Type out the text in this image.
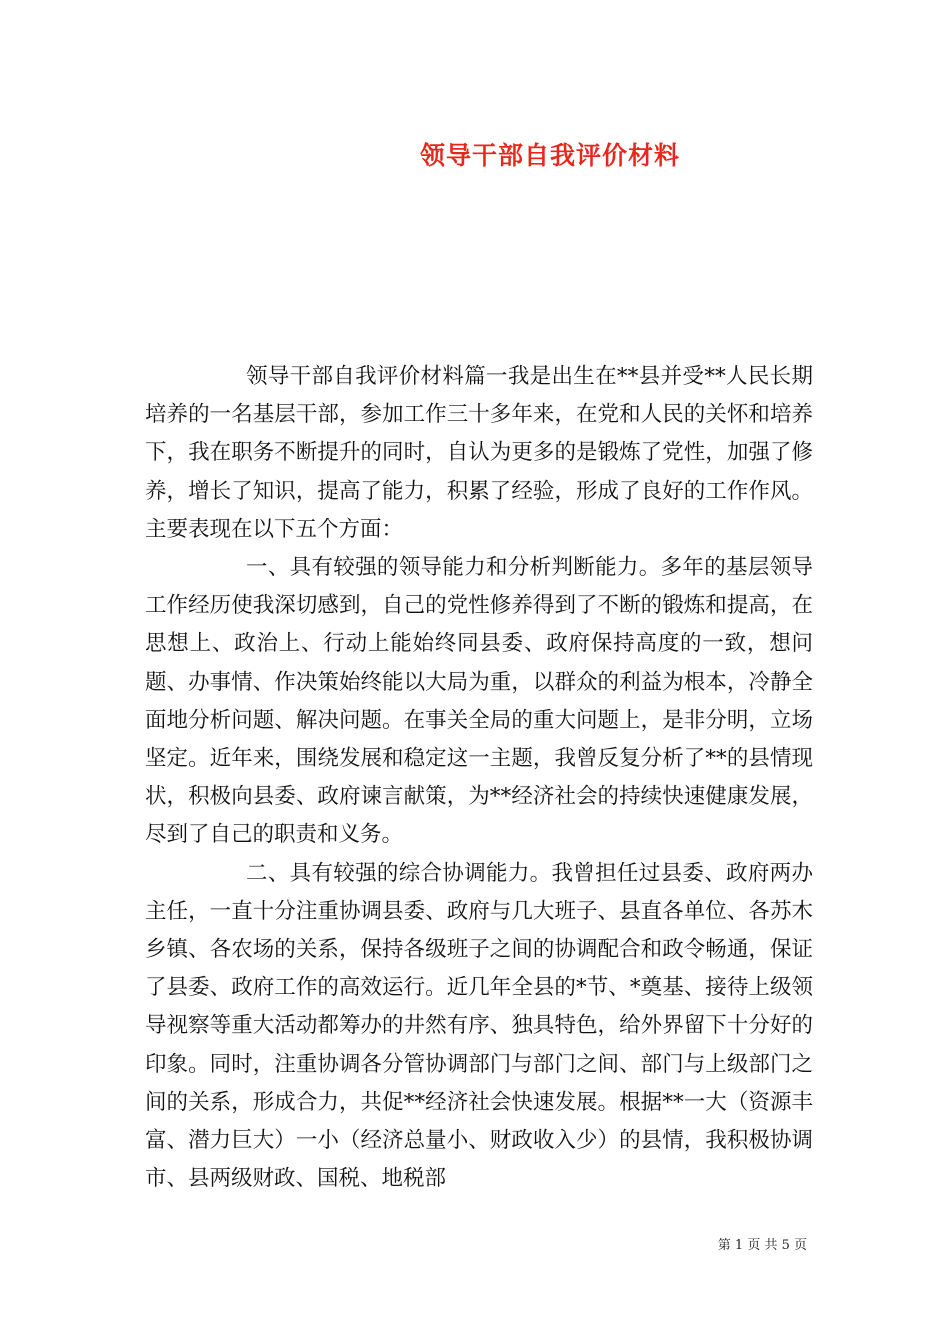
领导干部自我评价材料

领导干部自我评价材料篇一我是出生在**县并受**人民长期培养的一名基层干部，参加工作三十多年来，在党和人民的关怀和培养下，我在职务不断提升的同时，自认为更多的是锻炼了党性，加强了修养，增长了知识，提高了能力，积累了经验，形成了良好的工作作风。主要表现在以下五个方面：

一、具有较强的领导能力和分析判断能力。多年的基层领导工作经历使我深切感到，自己的党性修养得到了不断的锻炼和提高，在思想上、政治上、行动上能始终同县委、政府保持高度的一致，想问题、办事情、作决策始终能以大局为重，以群众的利益为根本，冷静全面地分析问题、解决问题。在事关全局的重大问题上，是非分明，立场坚定。近年来，围绕发展和稳定这一主题，我曾反复分析了**的县情现状，积极向县委、政府谏言献策，为**经济社会的持续快速健康发展，尽到了自己的职责和义务。

二、具有较强的综合协调能力。我曾担任过县委、政府两办主任，一直十分注重协调县委、政府与几大班子、县直各单位、各苏木乡镇、各农场的关系，保持各级班子之间的协调配合和政令畅通，保证了县委、政府工作的高效运行。近几年全县的*节、*奠基、接待上级领导视察等重大活动都筹办的井然有序、独具特色，给外界留下十分好的印象。同时，注重协调各分管协调部门与部门之间、部门与上级部门之间的关系，形成合力，共促**经济社会快速发展。根据**一大（资源丰富、潜力巨大）一小（经济总量小、财政收入少）的县情，我积极协调市、县两级财政、国税、地税部

第 1 页 共 5 页
